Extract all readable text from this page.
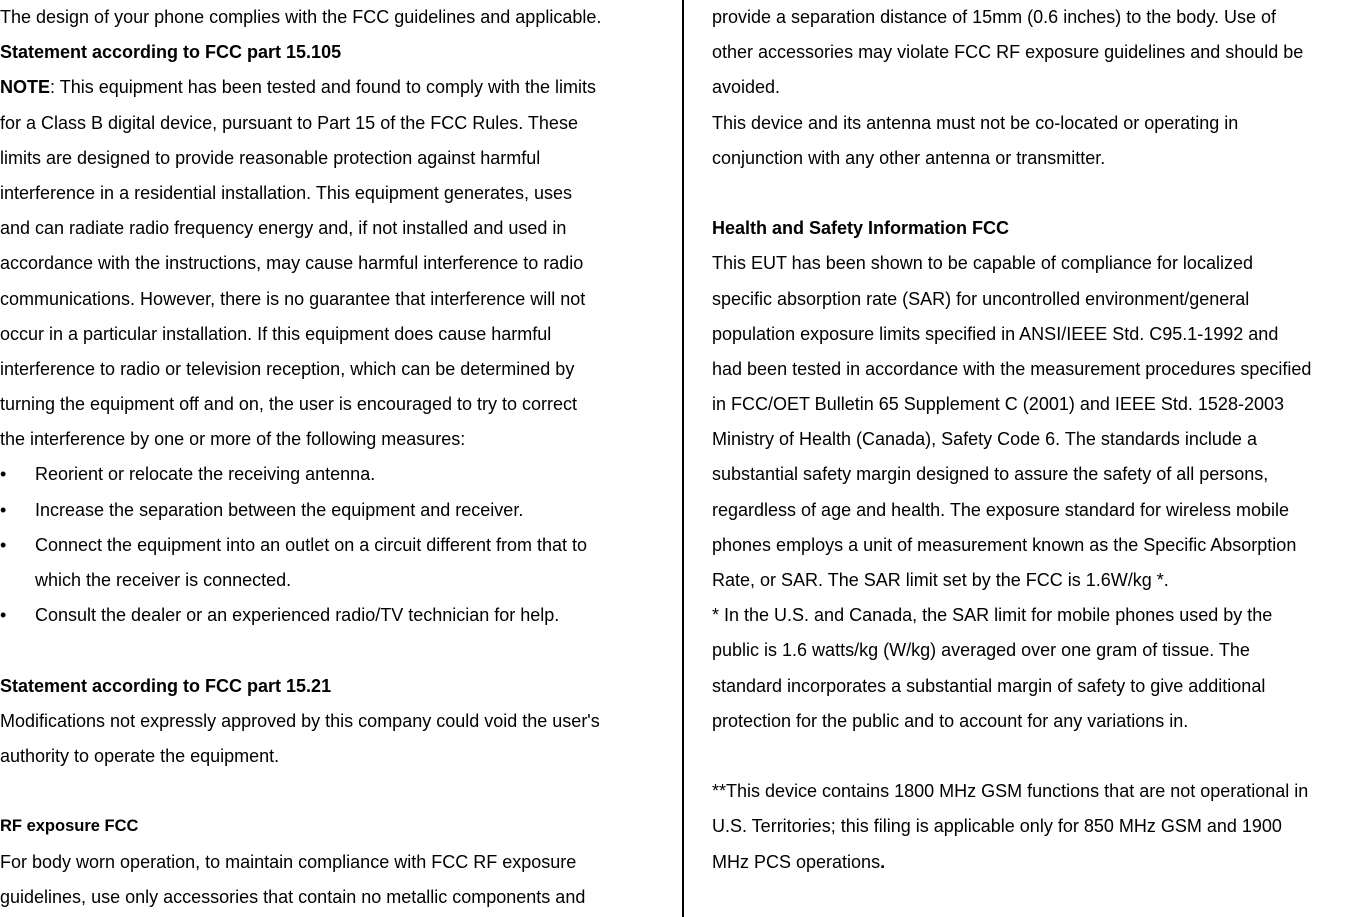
The design of your phone complies with the FCC guidelines and applicable.
Statement according to FCC part 15.105
NOTE: This equipment has been tested and found to comply with the limits
for a Class B digital device, pursuant to Part 15 of the FCC Rules. These
limits are designed to provide reasonable protection against harmful
interference in a residential installation. This equipment generates, uses
and can radiate radio frequency energy and, if not installed and used in
accordance with the instructions, may cause harmful interference to radio
communications. However, there is no guarantee that interference will not
occur in a particular installation. If this equipment does cause harmful
interference to radio or television reception, which can be determined by
turning the equipment off and on, the user is encouraged to try to correct
the interference by one or more of the following measures:
• Reorient or relocate the receiving antenna.
• Increase the separation between the equipment and receiver.
• Connect the equipment into an outlet on a circuit different from that to
which the receiver is connected.
• Consult the dealer or an experienced radio/TV technician for help.
Statement according to FCC part 15.21
Modifications not expressly approved by this company could void the user's
authority to operate the equipment.
RF exposure FCC
For body worn operation, to maintain compliance with FCC RF exposure
guidelines, use only accessories that contain no metallic components and
provide a separation distance of 15mm (0.6 inches) to the body. Use of
other accessories may violate FCC RF exposure guidelines and should be
avoided.
This device and its antenna must not be co-located or operating in
conjunction with any other antenna or transmitter.
Health and Safety Information FCC
This EUT has been shown to be capable of compliance for localized
specific absorption rate (SAR) for uncontrolled environment/general
population exposure limits specified in ANSI/IEEE Std. C95.1-1992 and
had been tested in accordance with the measurement procedures specified
in FCC/OET Bulletin 65 Supplement C (2001) and IEEE Std. 1528-2003
Ministry of Health (Canada), Safety Code 6. The standards include a
substantial safety margin designed to assure the safety of all persons,
regardless of age and health. The exposure standard for wireless mobile
phones employs a unit of measurement known as the Specific Absorption
Rate, or SAR. The SAR limit set by the FCC is 1.6W/kg *.
* In the U.S. and Canada, the SAR limit for mobile phones used by the
public is 1.6 watts/kg (W/kg) averaged over one gram of tissue. The
standard incorporates a substantial margin of safety to give additional
protection for the public and to account for any variations in.
**This device contains 1800 MHz GSM functions that are not operational in
U.S. Territories; this filing is applicable only for 850 MHz GSM and 1900
MHz PCS operations.
